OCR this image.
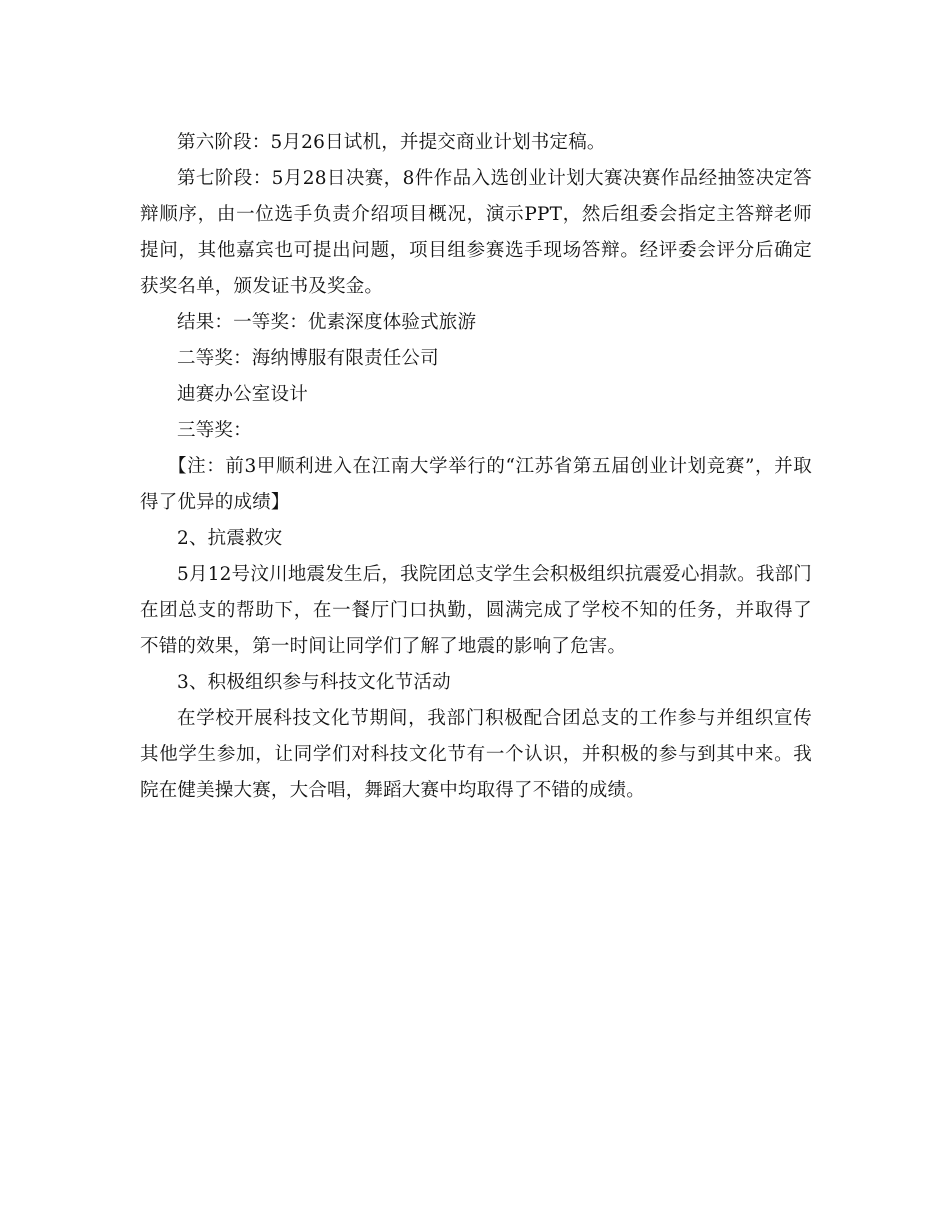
第六阶段：5月26日试机，并提交商业计划书定稿。

第七阶段：5月28日决赛，8件作品入选创业计划大赛决赛作品经抽签决定答辩顺序，由一位选手负责介绍项目概况，演示PPT，然后组委会指定主答辩老师提问，其他嘉宾也可提出问题，项目组参赛选手现场答辩。经评委会评分后确定获奖名单，颁发证书及奖金。

结果：一等奖：优素深度体验式旅游

二等奖：海纳博服有限责任公司

迪赛办公室设计

三等奖：

【注：前3甲顺利进入在江南大学举行的“江苏省第五届创业计划竞赛”，并取得了优异的成绩】

2、抗震救灾

5月12号汶川地震发生后，我院团总支学生会积极组织抗震爱心捐款。我部门在团总支的帮助下，在一餐厅门口执勤，圆满完成了学校不知的任务，并取得了不错的效果，第一时间让同学们了解了地震的影响了危害。

3、积极组织参与科技文化节活动

在学校开展科技文化节期间，我部门积极配合团总支的工作参与并组织宣传其他学生参加，让同学们对科技文化节有一个认识，并积极的参与到其中来。我院在健美操大赛，大合唱，舞蹈大赛中均取得了不错的成绩。
